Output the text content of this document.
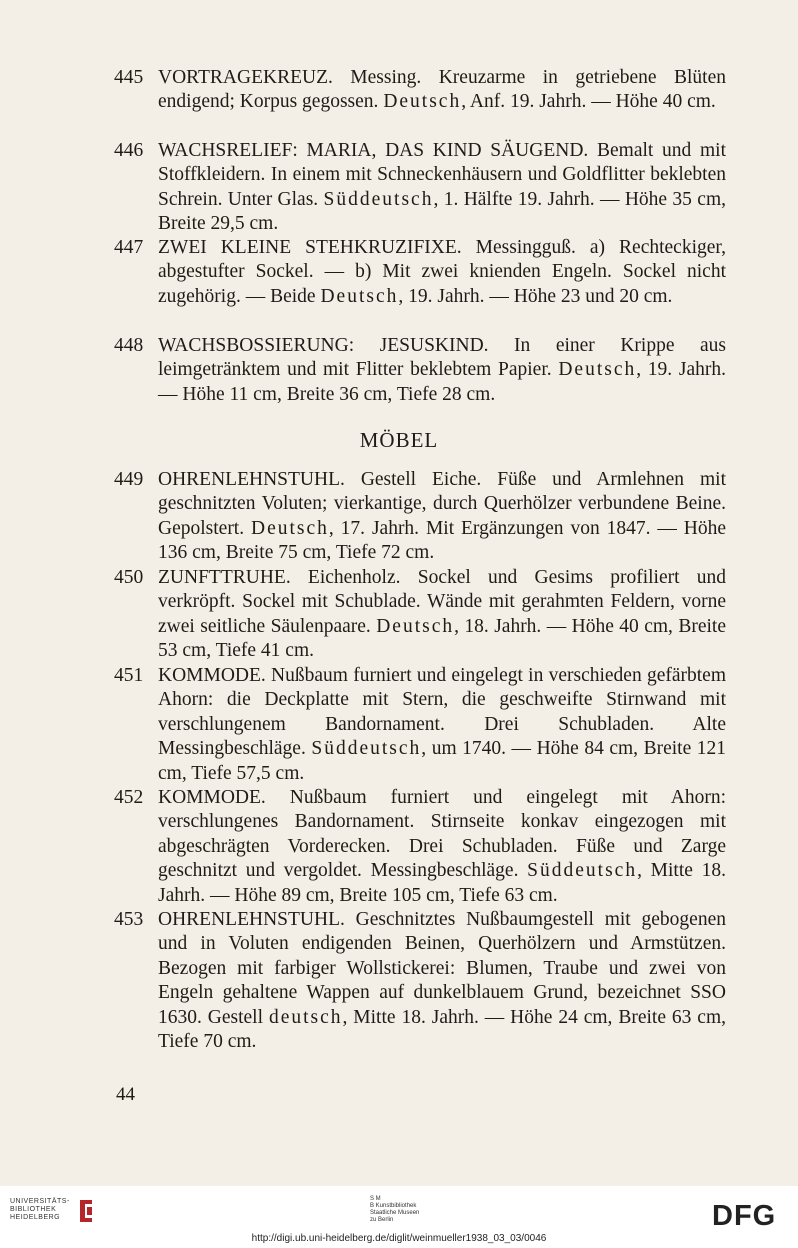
445 VORTRAGEKREUZ. Messing. Kreuzarme in getriebene Blüten endigend; Korpus gegossen. Deutsch, Anf. 19. Jahrh. — Höhe 40 cm.
446 WACHSRELIEF: MARIA, DAS KIND SÄUGEND. Bemalt und mit Stoffkleidern. In einem mit Schneckenhäusern und Goldflitter beklebten Schrein. Unter Glas. Süddeutsch, 1. Hälfte 19. Jahrh. — Höhe 35 cm, Breite 29,5 cm.
447 ZWEI KLEINE STEHKRUZIFIXE. Messingguß. a) Rechteckiger, abgestufter Sockel. — b) Mit zwei knienden Engeln. Sockel nicht zugehörig. — Beide Deutsch, 19. Jahrh. — Höhe 23 und 20 cm.
448 WACHSBOSSIERUNG: JESUSKIND. In einer Krippe aus leimgetränktem und mit Flitter beklebtem Papier. Deutsch, 19. Jahrh. — Höhe 11 cm, Breite 36 cm, Tiefe 28 cm.
MÖBEL
449 OHRENLEHNSTUHL. Gestell Eiche. Füße und Armlehnen mit geschnitzten Voluten; vierkantige, durch Querhölzer verbundene Beine. Gepolstert. Deutsch, 17. Jahrh. Mit Ergänzungen von 1847. — Höhe 136 cm, Breite 75 cm, Tiefe 72 cm.
450 ZUNFTTRUHE. Eichenholz. Sockel und Gesims profiliert und verkröpft. Sockel mit Schublade. Wände mit gerahmten Feldern, vorne zwei seitliche Säulenpaare. Deutsch, 18. Jahrh. — Höhe 40 cm, Breite 53 cm, Tiefe 41 cm.
451 KOMMODE. Nußbaum furniert und eingelegt in verschieden gefärbtem Ahorn: die Deckplatte mit Stern, die geschweifte Stirnwand mit verschlungenem Bandornament. Drei Schubladen. Alte Messingbeschläge. Süddeutsch, um 1740. — Höhe 84 cm, Breite 121 cm, Tiefe 57,5 cm.
452 KOMMODE. Nußbaum furniert und eingelegt mit Ahorn: verschlungenes Bandornament. Stirnseite konkav eingezogen mit abgeschrägten Vorderecken. Drei Schubladen. Füße und Zarge geschnitzt und vergoldet. Messingbeschläge. Süddeutsch, Mitte 18. Jahrh. — Höhe 89 cm, Breite 105 cm, Tiefe 63 cm.
453 OHRENLEHNSTUHL. Geschnitztes Nußbaumgestell mit gebogenen und in Voluten endigenden Beinen, Querhölzern und Armstützen. Bezogen mit farbiger Wollstickerei: Blumen, Traube und zwei von Engeln gehaltene Wappen auf dunkelblauem Grund, bezeichnet SSO 1630. Gestell deutsch, Mitte 18. Jahrh. — Höhe 24 cm, Breite 63 cm, Tiefe 70 cm.
44
UNIVERSITÄTS-
BIBLIOTHEK
HEIDELBERG
S M
B Kunstbibliothek
Staatliche Museen
zu Berlin	DFG
http://digi.ub.uni-heidelberg.de/diglit/weinmueller1938_03_03/0046
